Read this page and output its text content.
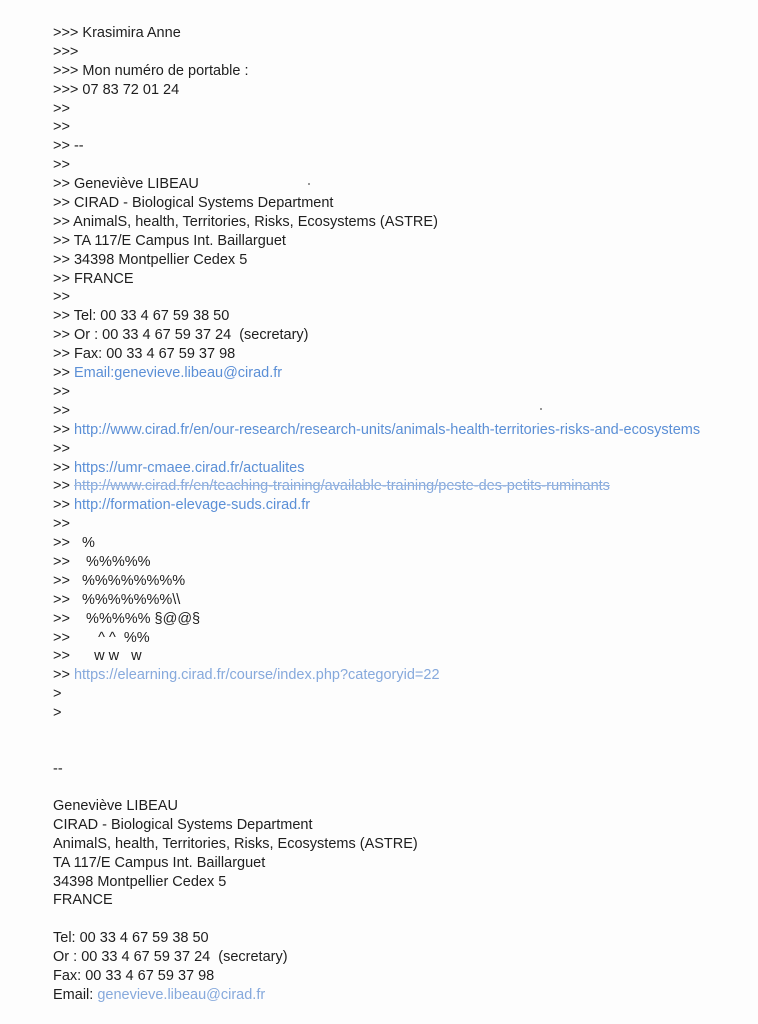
>>> Krasimira Anne
>>>
>>> Mon numéro de portable :
>>> 07 83 72 01 24
>>
>>
>> --
>>
>> Geneviève LIBEAU
>> CIRAD - Biological Systems Department
>> AnimalS, health, Territories, Risks, Ecosystems (ASTRE)
>> TA 117/E Campus Int. Baillarguet
>> 34398 Montpellier Cedex 5
>> FRANCE
>>
>> Tel: 00 33 4 67 59 38 50
>> Or : 00 33 4 67 59 37 24  (secretary)
>> Fax: 00 33 4 67 59 37 98
>> Email:genevieve.libeau@cirad.fr
>>
>>
>> http://www.cirad.fr/en/our-research/research-units/animals-health-territories-risks-and-ecosystems
>>
>> https://umr-cmaee.cirad.fr/actualites
>> http://www.cirad.fr/en/teaching-training/available-training/peste-des-petits-ruminants
>> http://formation-elevage-suds.cirad.fr
>>
>>   %
>>    %%%%%
>>   %%%%%%%%
>>   %%%%%%%\\
>>    %%%%% §@@§
>>       ^ ^  %%
>>      w w   w
>> https://elearning.cirad.fr/course/index.php?categoryid=22
>
>
--
Geneviève LIBEAU
CIRAD - Biological Systems Department
AnimalS, health, Territories, Risks, Ecosystems (ASTRE)
TA 117/E Campus Int. Baillarguet
34398 Montpellier Cedex 5
FRANCE
Tel: 00 33 4 67 59 38 50
Or : 00 33 4 67 59 37 24  (secretary)
Fax: 00 33 4 67 59 37 98
Email: genevieve.libeau@cirad.fr
